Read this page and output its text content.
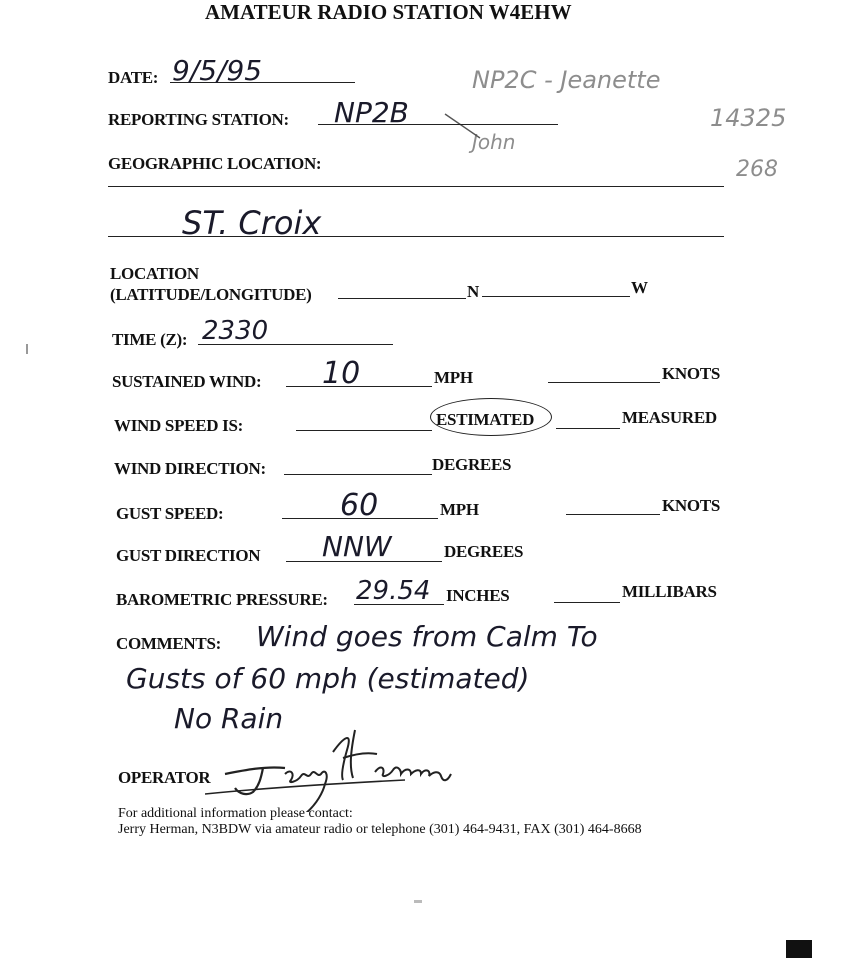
AMATEUR RADIO STATION W4EHW
NP2C - Jeanette
John
14325
268
DATE: 9/5/95
REPORTING STATION: NP2B
GEOGRAPHIC LOCATION:
ST. Croix
LOCATION
(LATITUDE/LONGITUDE)	N	W
TIME (Z): 2330
SUSTAINED WIND: 10	MPH	KNOTS
WIND SPEED IS:	ESTIMATED	MEASURED
WIND DIRECTION:	DEGREES
GUST SPEED:	60	MPH	KNOTS
GUST DIRECTION NNW	DEGREES
BAROMETRIC PRESSURE: 29.54 INCHES	MILLIBARS
COMMENTS: Wind goes from Calm To
Gusts of 60 mph (estimated)
No Rain
OPERATOR
For additional information please contact:
Jerry Herman, N3BDW via amateur radio or telephone (301) 464-9431, FAX (301) 464-8668
